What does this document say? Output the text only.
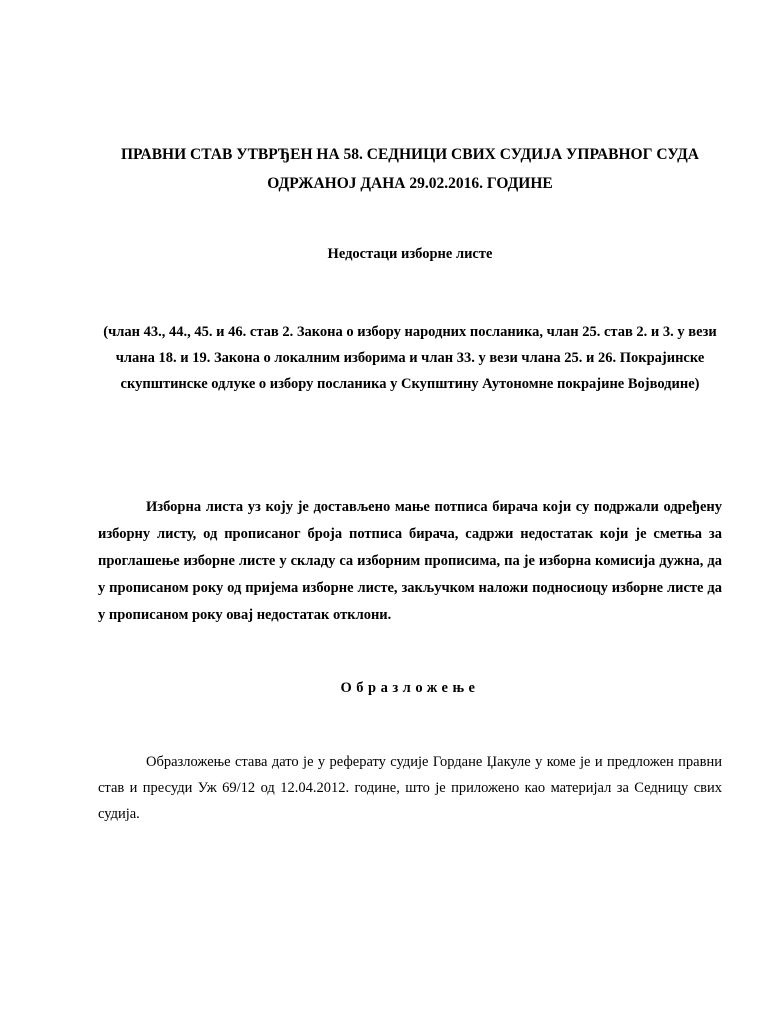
ПРАВНИ СТАВ УТВРЂЕН НА 58. СЕДНИЦИ СВИХ СУДИЈА УПРАВНОГ СУДА
ОДРЖАНОЈ ДАНА 29.02.2016. ГОДИНЕ
Недостаци изборне листе
(члан 43., 44., 45. и 46. став 2. Закона о избору народних посланика, члан 25. став 2. и 3. у вези члана 18. и 19. Закона о локалним изборима и члан 33. у вези члана 25. и 26. Покрајинске скупштинске одлуке о избору посланика у Скупштину Аутономне покрајине Војводине)
Изборна листа уз коју је достављено мање потписа бирача који су подржали одређену изборну листу, од прописаног броја потписа бирача, садржи недостатак који је сметња за проглашење изборне листе у складу са изборним прописима, па је изборна комисија дужна, да у прописаном року од пријема изборне листе, закључком наложи подносиоцу изборне листе да у прописаном року овај недостатак отклони.
Образложење
Образложење става дато је у реферату судије Гордане Џакуле у коме је и предложен правни став и пресуди Уж 69/12 од 12.04.2012. године, што је приложено као материјал за Седницу свих судија.
